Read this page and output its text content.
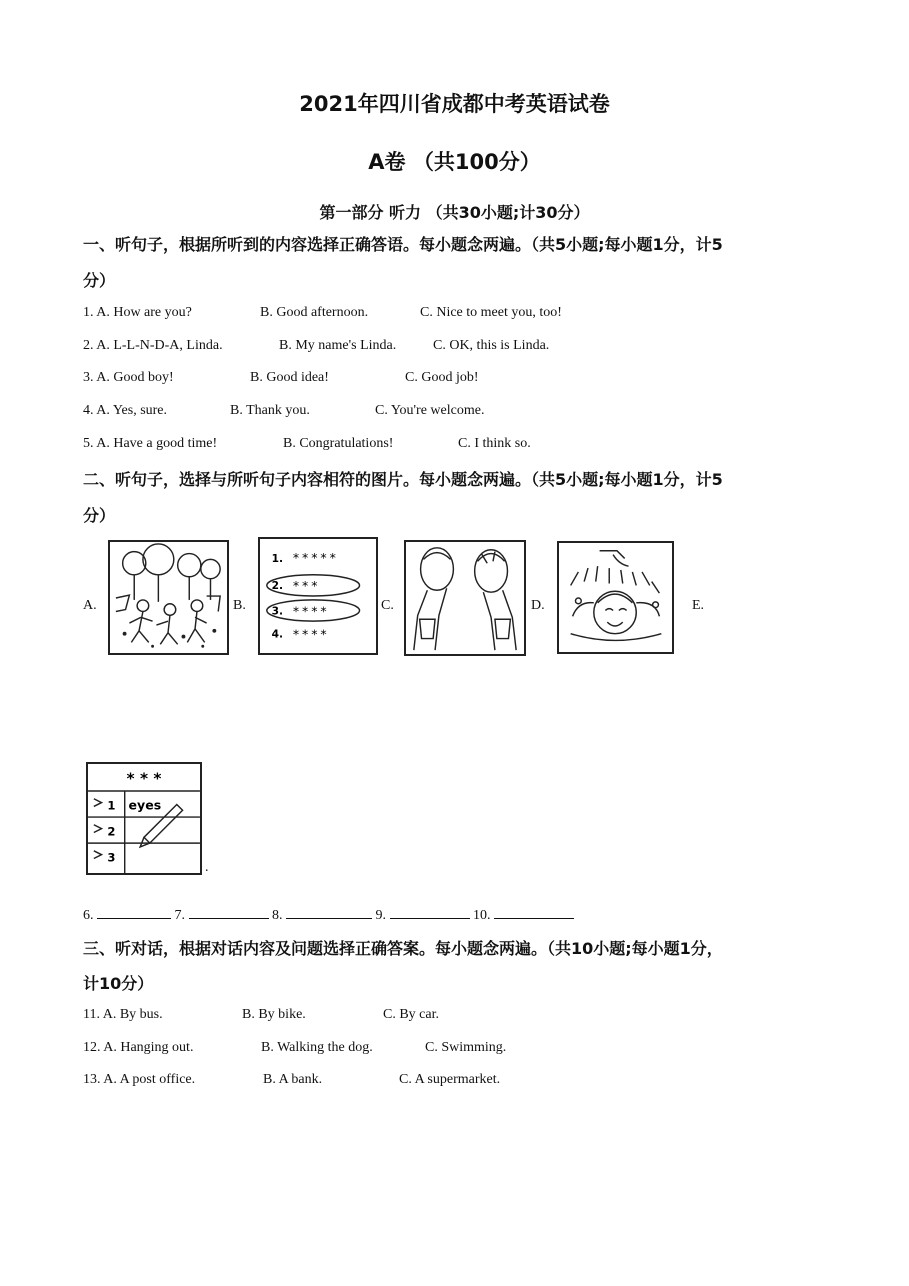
2021年四川省成都中考英语试卷
A卷 （共100分）
第一部分 听力 （共30小题;计30分）
一、听句子，根据所听到的内容选择正确答语。每小题念两遍。（共5小题;每小题1分，计5
分）
1. A. How are you?	B. Good afternoon.	C. Nice to meet you, too!
2. A. L-L-N-D-A, Linda.	B. My name's Linda.	C. OK, this is Linda.
3. A. Good boy!	B. Good idea!	C. Good job!
4. A. Yes, sure.	B. Thank you.	C. You're welcome.
5. A. Have a good time!	B. Congratulations!	C. I think so.
二、听句子，选择与所听句子内容相符的图片。每小题念两遍。（共5小题;每小题1分，计5
分）
A.	B.	C.	D.	E.
1. *****
2. ***
3. ****
4. ****
* * *
1
2
3
eyes
.
6.	7.	8.	9.	10.
三、听对话，根据对话内容及问题选择正确答案。每小题念两遍。（共10小题;每小题1分，
计10分）
11. A. By bus.	B. By bike.	C. By car.
12. A. Hanging out.	B. Walking the dog.	C. Swimming.
13. A. A post office.	B. A bank.	C. A supermarket.
